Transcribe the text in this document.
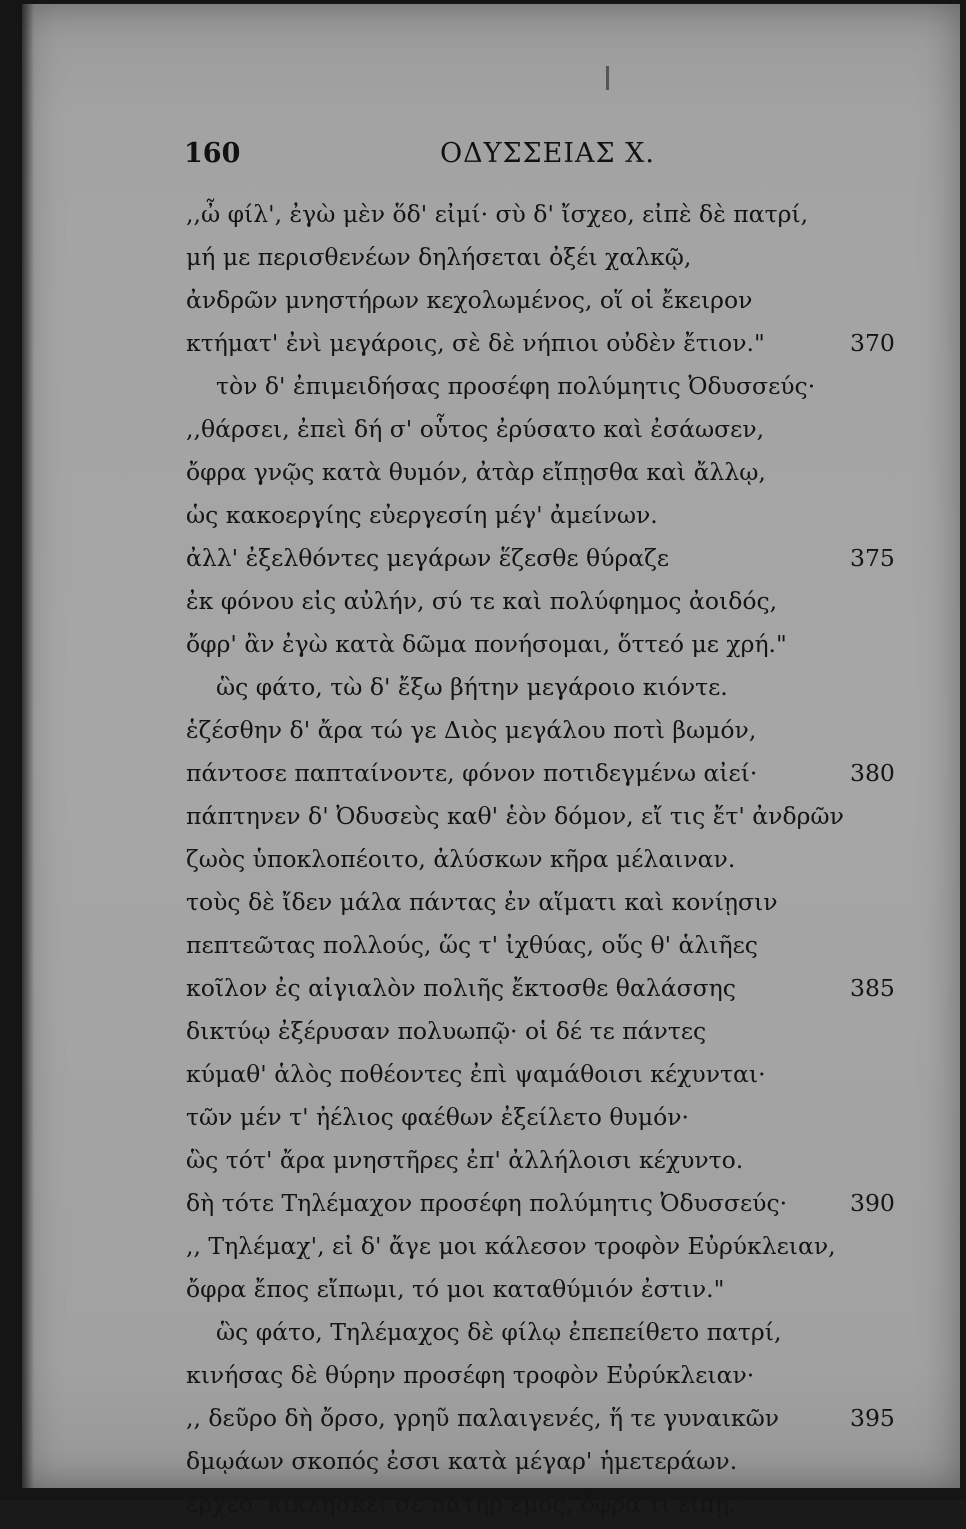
160	ΟΔΥΣΣΕΙΑΣ Χ.
,,ὦ φίλ', ἐγὼ μὲν ὅδ' εἰμί· σὺ δ' ἴσχεο, εἰπὲ δὲ πατρί,
μή με περισθενέων δηλήσεται ὀξέι χαλκῷ,
ἀνδρῶν μνηστήρων κεχολωμένος, οἵ οἱ ἔκειρον
κτήματ' ἐνὶ μεγάροις, σὲ δὲ νήπιοι οὐδὲν ἔτιον."	370
τὸν δ' ἐπιμειδήσας προσέφη πολύμητις Ὀδυσσεύς·
,,θάρσει, ἐπεὶ δή σ' οὗτος ἐρύσατο καὶ ἐσάωσεν,
ὄφρα γνῷς κατὰ θυμόν, ἀτὰρ εἴπῃσθα καὶ ἄλλῳ,
ὡς κακοεργίης εὐεργεσίη μέγ' ἀμείνων.
ἀλλ' ἐξελθόντες μεγάρων ἕζεσθε θύραζε	375
ἐκ φόνου εἰς αὐλήν, σύ τε καὶ πολύφημος ἀοιδός,
ὄφρ' ἂν ἐγὼ κατὰ δῶμα πονήσομαι, ὅττεό με χρή."
ὣς φάτο, τὼ δ' ἔξω βήτην μεγάροιο κιόντε.
ἑζέσθην δ' ἄρα τώ γε Διὸς μεγάλου ποτὶ βωμόν,
πάντοσε παπταίνοντε, φόνον ποτιδεγμένω αἰεί·	380
πάπτηνεν δ' Ὀδυσεὺς καθ' ἑὸν δόμον, εἴ τις ἔτ' ἀνδρῶν
ζωὸς ὑποκλοπέοιτο, ἀλύσκων κῆρα μέλαιναν.
τοὺς δὲ ἴδεν μάλα πάντας ἐν αἵματι καὶ κονίῃσιν
πεπτεῶτας πολλούς, ὥς τ' ἰχθύας, οὕς θ' ἁλιῆες
κοῖλον ἐς αἰγιαλὸν πολιῆς ἔκτοσθε θαλάσσης	385
δικτύῳ ἐξέρυσαν πολυωπῷ· οἱ δέ τε πάντες
κύμαθ' ἁλὸς ποθέοντες ἐπὶ ψαμάθοισι κέχυνται·
τῶν μέν τ' ἠέλιος φαέθων ἐξείλετο θυμόν·
ὣς τότ' ἄρα μνηστῆρες ἐπ' ἀλλήλοισι κέχυντο.
δὴ τότε Τηλέμαχον προσέφη πολύμητις Ὀδυσσεύς·	390
,, Τηλέμαχ', εἰ δ' ἄγε μοι κάλεσον τροφὸν Εὐρύκλειαν,
ὄφρα ἔπος εἴπωμι, τό μοι καταθύμιόν ἐστιν."
ὣς φάτο, Τηλέμαχος δὲ φίλῳ ἐπεπείθετο πατρί,
κινήσας δὲ θύρην προσέφη τροφὸν Εὐρύκλειαν·
,, δεῦρο δὴ ὄρσο, γρηῦ παλαιγενές, ἥ τε γυναικῶν	395
δμῳάων σκοπός ἐσσι κατὰ μέγαρ' ἡμετεράων.
ἔρχεο· κικλήσκει σε πατὴρ ἐμός, ὄφρα τι εἴπῃ."
